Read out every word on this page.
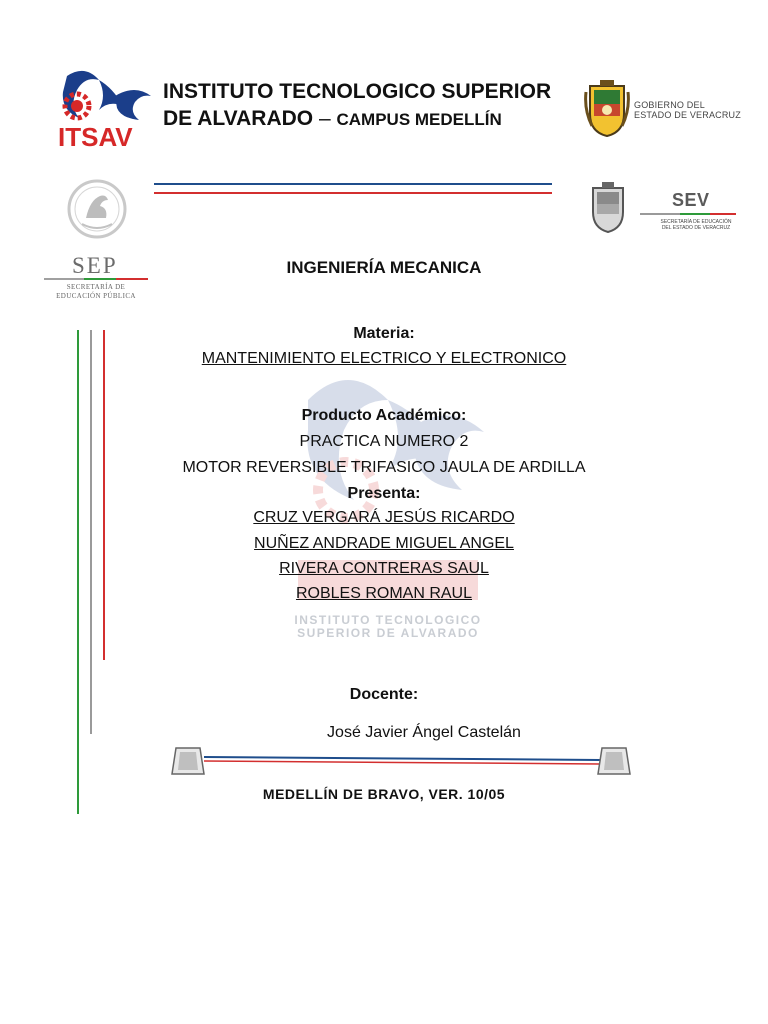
ITSAV
INSTITUTO TECNOLOGICO SUPERIOR
DE ALVARADO – CAMPUS MEDELLÍN
GOBIERNO DEL
ESTADO DE VERACRUZ
SEV
SECRETARÍA DE EDUCACIÓN
DEL ESTADO DE VERACRUZ
SEP
SECRETARÍA DE
EDUCACIÓN PÚBLICA
INSTITUTO TECNOLOGICO
SUPERIOR DE ALVARADO
INGENIERÍA MECANICA
Materia:
MANTENIMIENTO ELECTRICO Y ELECTRONICO
Producto Académico:
PRACTICA NUMERO 2
MOTOR REVERSIBLE TRIFASICO JAULA DE ARDILLA
Presenta:
CRUZ VERGARÁ JESÚS RICARDO
NUÑEZ ANDRADE MIGUEL ANGEL
RIVERA CONTRERAS SAUL
ROBLES ROMAN RAUL
Docente:
José Javier Ángel Castelán
MEDELLÍN DE BRAVO, VER. 10/05
